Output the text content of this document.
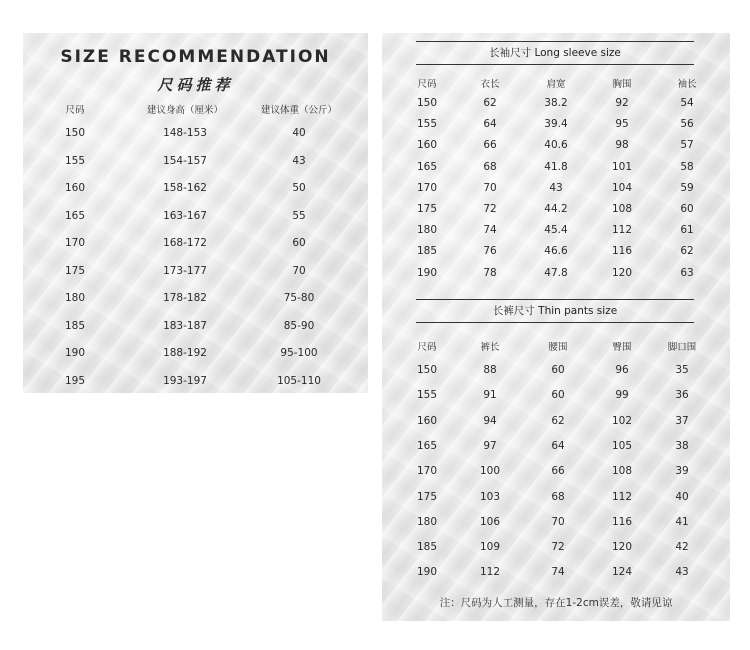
SIZE RECOMMENDATION
尺码推荐
尺码	建议身高（厘米）	建议体重（公斤）
150	148-153	40
155	154-157	43
160	158-162	50
165	163-167	55
170	168-172	60
175	173-177	70
180	178-182	75-80
185	183-187	85-90
190	188-192	95-100
195	193-197	105-110
长袖尺寸 Long sleeve size
尺码	衣长	肩宽	胸围	袖长
150	62	38.2	92	54
155	64	39.4	95	56
160	66	40.6	98	57
165	68	41.8	101	58
170	70	43	104	59
175	72	44.2	108	60
180	74	45.4	112	61
185	76	46.6	116	62
190	78	47.8	120	63
长裤尺寸 Thin pants size
尺码	裤长	腰围	臀围	脚口围
150	88	60	96	35
155	91	60	99	36
160	94	62	102	37
165	97	64	105	38
170	100	66	108	39
175	103	68	112	40
180	106	70	116	41
185	109	72	120	42
190	112	74	124	43
注：尺码为人工测量，存在1-2cm误差，敬请见谅
